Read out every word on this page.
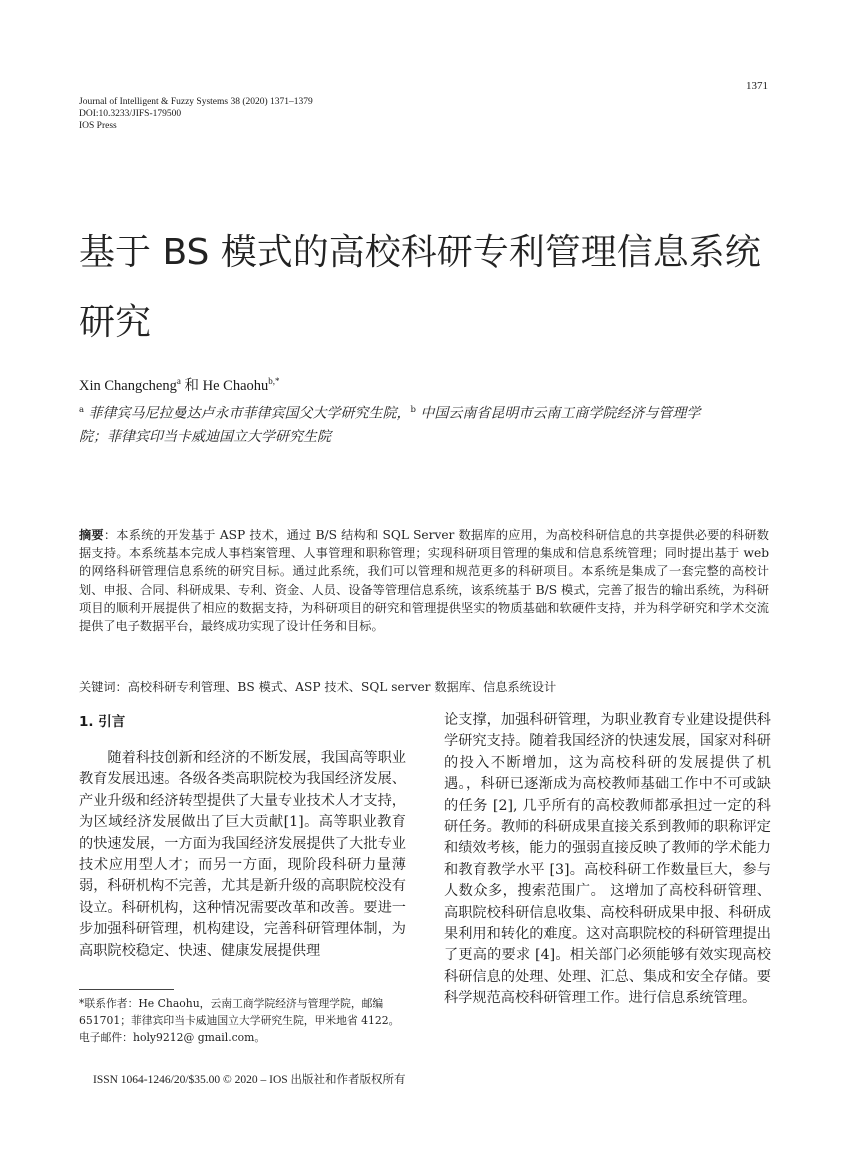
1371
Journal of Intelligent & Fuzzy Systems 38 (2020) 1371–1379
DOI:10.3233/JIFS-179500
IOS Press
基于 BS 模式的高校科研专利管理信息系统研究
Xin Changcheng$^a$ 和 He Chaohu$^{b,*}$
$^a$ 菲律宾马尼拉曼达卢永市菲律宾国父大学研究生院，$^b$ 中国云南省昆明市云南工商学院经济与管理学院；菲律宾印当卡威迪国立大学研究生院
摘要：本系统的开发基于 ASP 技术，通过 B/S 结构和 SQL Server 数据库的应用，为高校科研信息的共享提供必要的科研数据支持。本系统基本完成人事档案管理、人事管理和职称管理；实现科研项目管理的集成和信息系统管理；同时提出基于 web 的网络科研管理信息系统的研究目标。通过此系统，我们可以管理和规范更多的科研项目。本系统是集成了一套完整的高校计划、申报、合同、科研成果、专利、资金、人员、设备等管理信息系统，该系统基于 B/S 模式，完善了报告的输出系统，为科研项目的顺利开展提供了相应的数据支持，为科研项目的研究和管理提供坚实的物质基础和软硬件支持，并为科学研究和学术交流提供了电子数据平台，最终成功实现了设计任务和目标。
关键词：高校科研专利管理、BS 模式、ASP 技术、SQL server 数据库、信息系统设计
1. 引言
随着科技创新和经济的不断发展，我国高等职业教育发展迅速。各级各类高职院校为我国经济发展、产业升级和经济转型提供了大量专业技术人才支持，为区域经济发展做出了巨大贡献[1]。高等职业教育的快速发展，一方面为我国经济发展提供了大批专业技术应用型人才；而另一方面，现阶段科研力量薄弱，科研机构不完善，尤其是新升级的高职院校没有设立。科研机构，这种情况需要改革和改善。要进一步加强科研管理，机构建设，完善科研管理体制，为高职院校稳定、快速、健康发展提供理
论支撑，加强科研管理，为职业教育专业建设提供科学研究支持。随着我国经济的快速发展，国家对科研的投入不断增加，这为高校科研的发展提供了机遇。，科研已逐渐成为高校教师基础工作中不可或缺的任务 [2], 几乎所有的高校教师都承担过一定的科研任务。教师的科研成果直接关系到教师的职称评定和绩效考核，能力的强弱直接反映了教师的学术能力和教育教学水平 [3]。高校科研工作数量巨大，参与人数众多，搜索范围广。 这增加了高校科研管理、高职院校科研信息收集、高校科研成果申报、科研成果利用和转化的难度。这对高职院校的科研管理提出了更高的要求 [4]。相关部门必须能够有效实现高校科研信息的处理、处理、汇总、集成和安全存储。要科学规范高校科研管理工作。进行信息系统管理。
*联系作者：He Chaohu，云南工商学院经济与管理学院，邮编 651701；菲律宾印当卡威迪国立大学研究生院，甲米地省 4122。电子邮件：holy9212@ gmail.com。
ISSN 1064-1246/20/$35.00 © 2020 – IOS 出版社和作者版权所有
